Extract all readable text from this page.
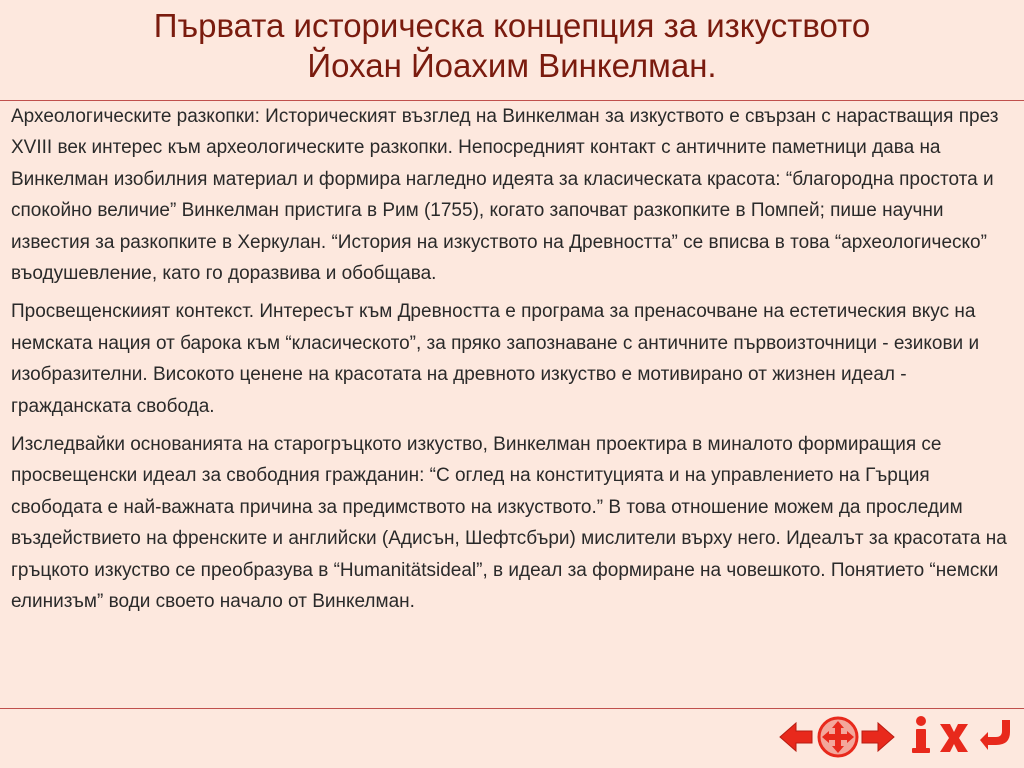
Първата историческа концепция за изкуството
Йохан Йоахим Винкелман.

Археологическите разкопки: Историческият възглед на Винкелман за изкуството е свързан с нарастващия през XVIII век интерес към археологическите разкопки. Непосредният контакт с античните паметници дава на Винкелман изобилния материал и формира нагледно идеята за класическата красота: “благородна простота и спокойно величие” Винкелман пристига в Рим (1755), когато започват разкопките в Помпей; пише научни известия за разкопките в Херкулан. “История на изкуството на Древността” се вписва в това “археологическо” въодушевление, като го доразвива и обобщава.

Просвещенскиият контекст. Интересът към Древността е програма за пренасочване на естетическия вкус на немската нация от барока към “класическото”, за пряко запознаване с античните първоизточници - езикови и изобразителни. Високото ценене на красотата на древното изкуство е мотивирано от жизнен идеал - гражданската свобода.

Изследвайки основанията на старогръцкото изкуство, Винкелман проектира в миналото формиращия се просвещенски идеал за свободния гражданин: “С оглед на конституцията и на управлението на Гърция свободата е най-важната причина за предимството на изкуството.” В това отношение можем да проследим въздействието на френските и английски (Адисън, Шефтсбъри) мислители върху него. Идеалът за красотата на гръцкото изкуство се преобразува в “Humanitätsideal”, в идеал за формиране на човешкото. Понятието “немски елинизъм” води своето начало от Винкелман.
